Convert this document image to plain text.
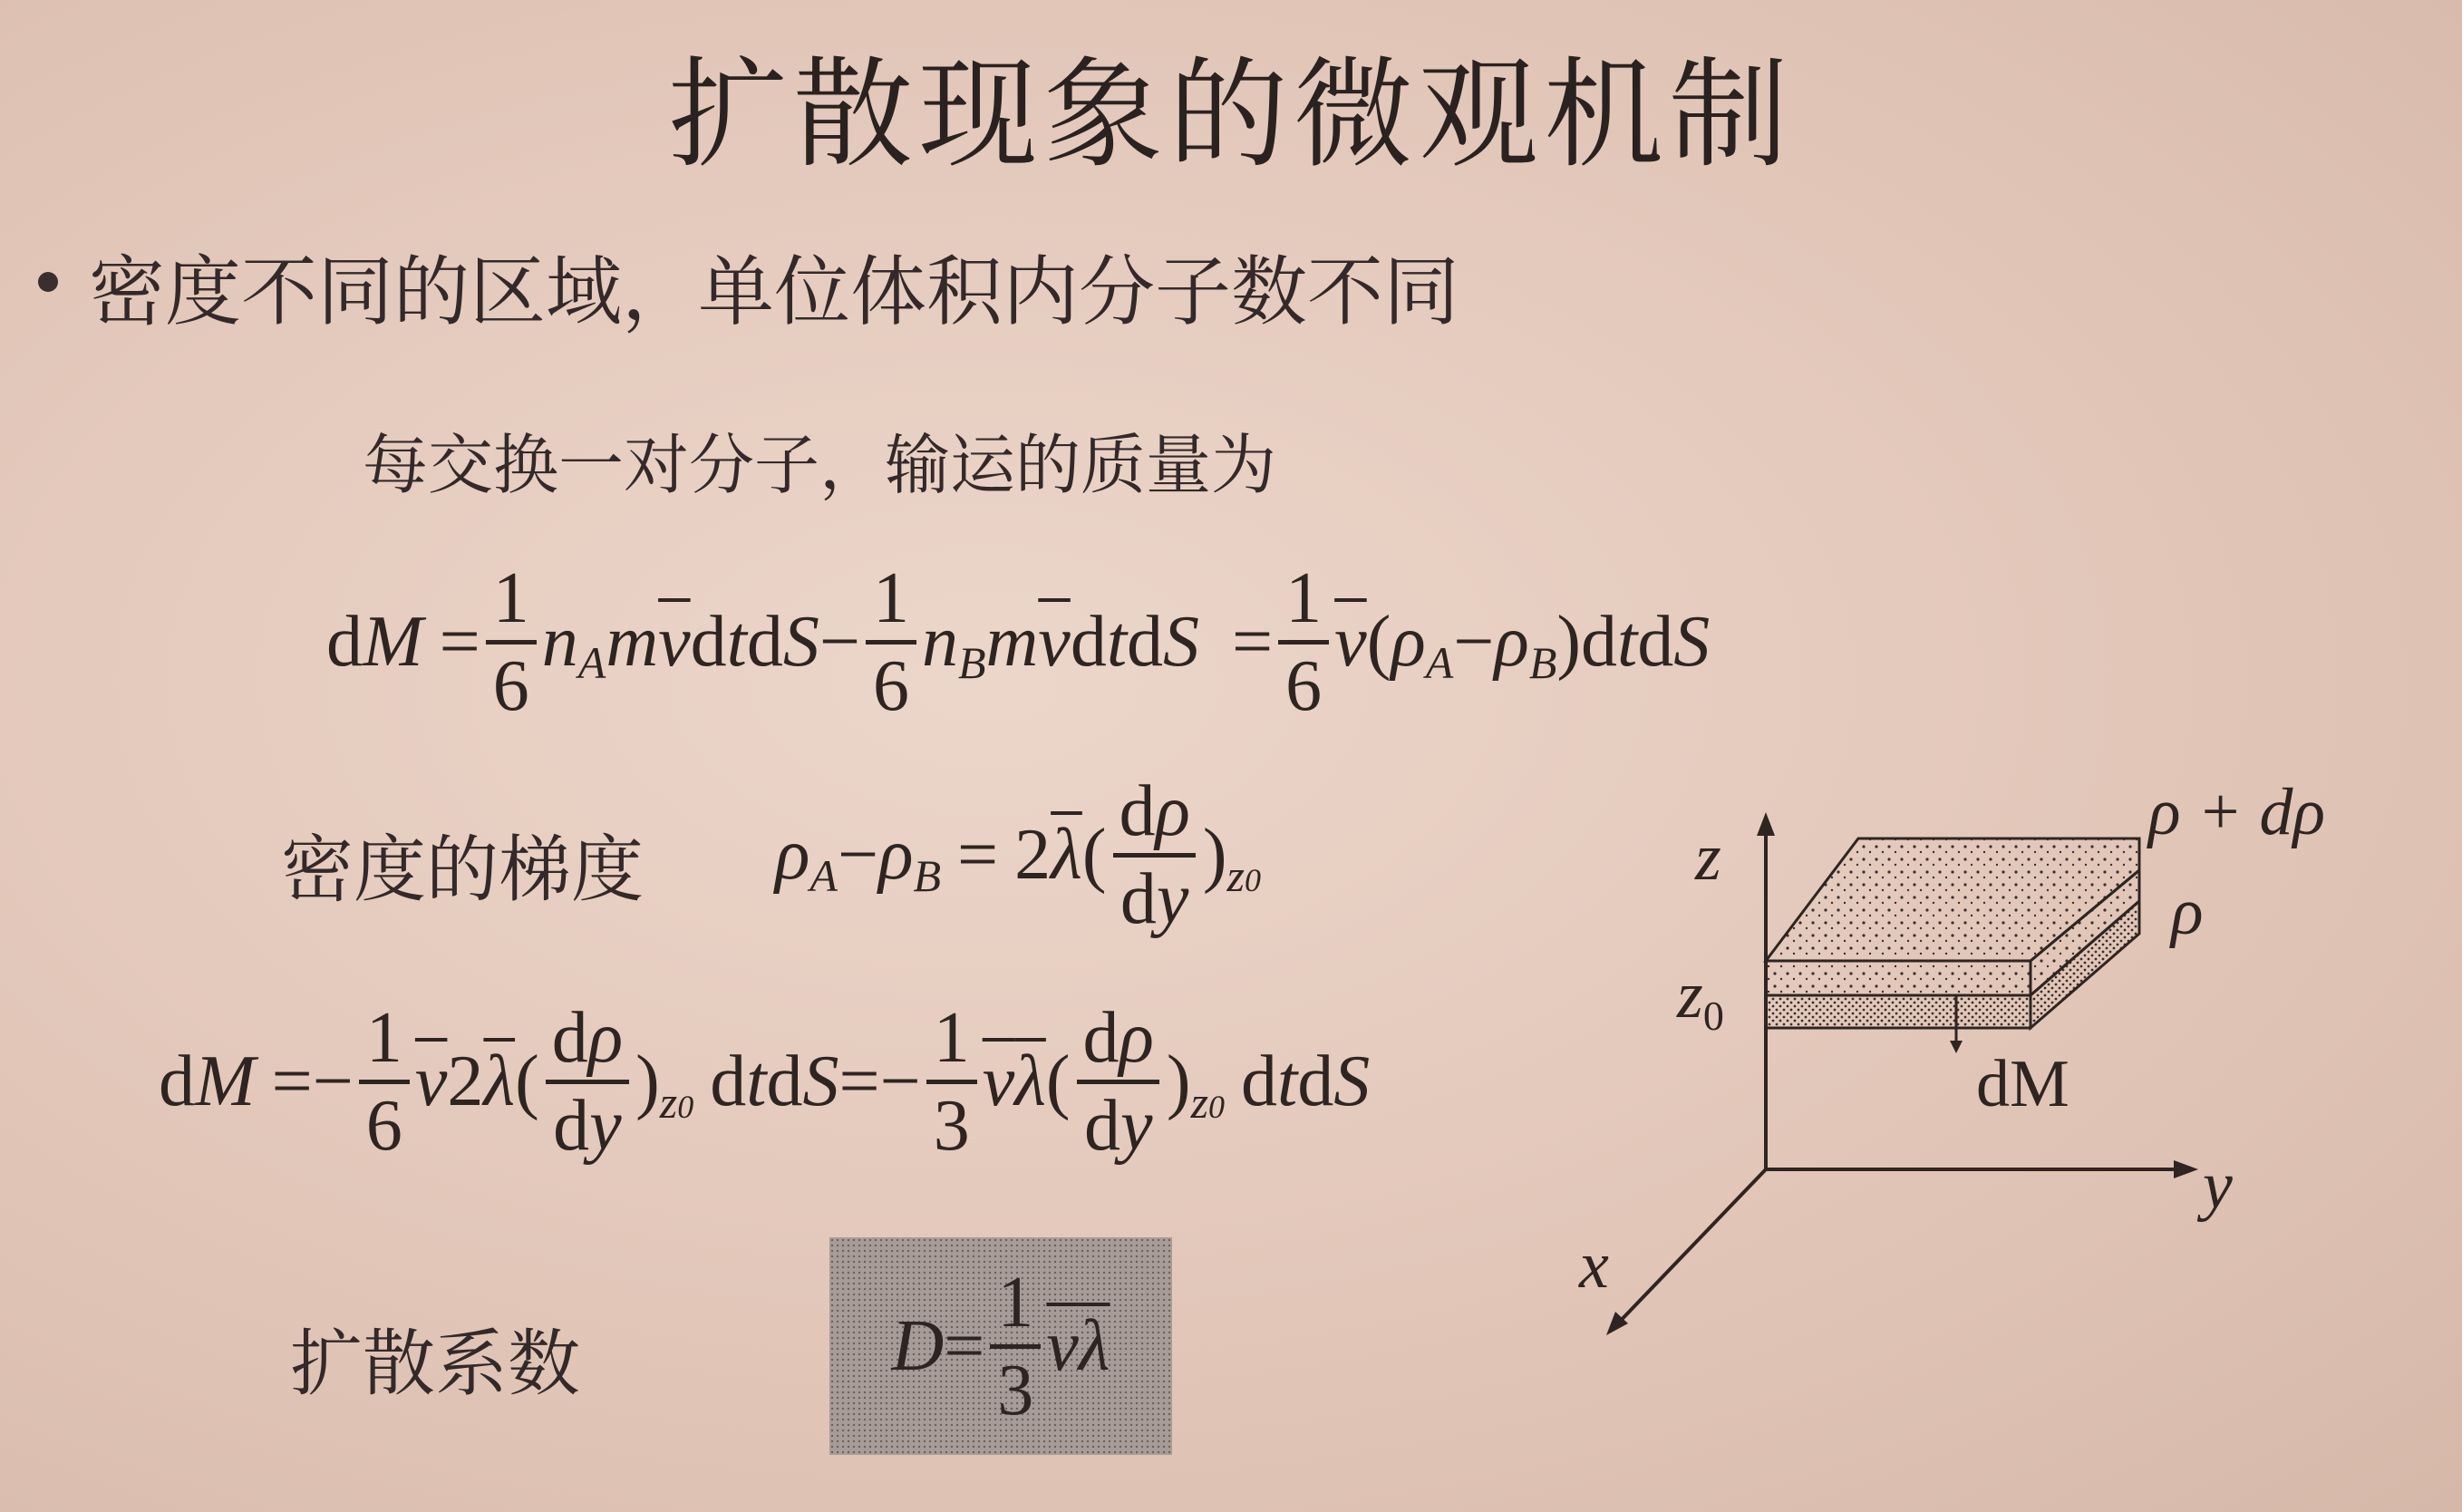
扩散现象的微观机制
密度不同的区域，单位体积内分子数不同
每交换一对分子，输运的质量为
d $M = \frac{1}{6}$ n A m $\overline{v}$ d t d $S - \frac{1}{6}$ n B m $\overline{v}$ d t d $S = \frac{1}{6} \overline{v}$ ( ρ A − ρ B ) d t d S
密度的梯度 ρ A − ρ B = 2 $\overline{\lambda}$ ( $\frac{d\rho}{dy}$ ) z0
d M = − $\frac{1}{6} \overline{v}$ 2 $\overline{\lambda}$ ( $\frac{d\rho}{dy}$ ) z0 d t d S = − $\frac{1}{3} \overline{v}$ $\overline{\lambda}$ ( $\frac{d\rho}{dy}$ ) z0 d t d S
扩散系数	$D = \frac{1}{3} \overline{v}$ $\overline{\lambda}$
z
z0
y
x
ρ + dρ
ρ
dM
